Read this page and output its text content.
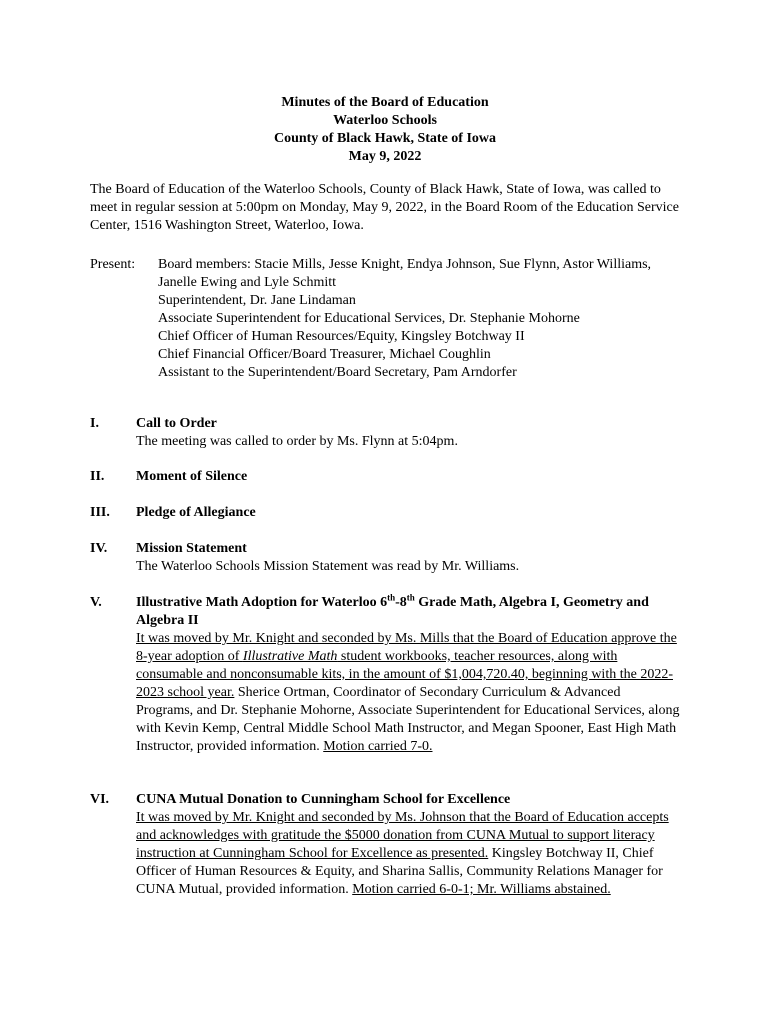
Minutes of the Board of Education
Waterloo Schools
County of Black Hawk, State of Iowa
May 9, 2022
The Board of Education of the Waterloo Schools, County of Black Hawk, State of Iowa, was called to meet in regular session at 5:00pm on Monday, May 9, 2022, in the Board Room of the Education Service Center, 1516 Washington Street, Waterloo, Iowa.
Present: Board members: Stacie Mills, Jesse Knight, Endya Johnson, Sue Flynn, Astor Williams, Janelle Ewing and Lyle Schmitt
Superintendent, Dr. Jane Lindaman
Associate Superintendent for Educational Services, Dr. Stephanie Mohorne
Chief Officer of Human Resources/Equity, Kingsley Botchway II
Chief Financial Officer/Board Treasurer, Michael Coughlin
Assistant to the Superintendent/Board Secretary, Pam Arndorfer
I.	Call to Order
The meeting was called to order by Ms. Flynn at 5:04pm.
II. Moment of Silence
III. Pledge of Allegiance
IV. Mission Statement
The Waterloo Schools Mission Statement was read by Mr. Williams.
V. Illustrative Math Adoption for Waterloo 6th-8th Grade Math, Algebra I, Geometry and Algebra II
It was moved by Mr. Knight and seconded by Ms. Mills that the Board of Education approve the 8-year adoption of Illustrative Math student workbooks, teacher resources, along with consumable and nonconsumable kits, in the amount of $1,004,720.40, beginning with the 2022-2023 school year. Sherice Ortman, Coordinator of Secondary Curriculum & Advanced Programs, and Dr. Stephanie Mohorne, Associate Superintendent for Educational Services, along with Kevin Kemp, Central Middle School Math Instructor, and Megan Spooner, East High Math Instructor, provided information. Motion carried 7-0.
VI. CUNA Mutual Donation to Cunningham School for Excellence
It was moved by Mr. Knight and seconded by Ms. Johnson that the Board of Education accepts and acknowledges with gratitude the $5000 donation from CUNA Mutual to support literacy instruction at Cunningham School for Excellence as presented. Kingsley Botchway II, Chief Officer of Human Resources & Equity, and Sharina Sallis, Community Relations Manager for CUNA Mutual, provided information. Motion carried 6-0-1; Mr. Williams abstained.
